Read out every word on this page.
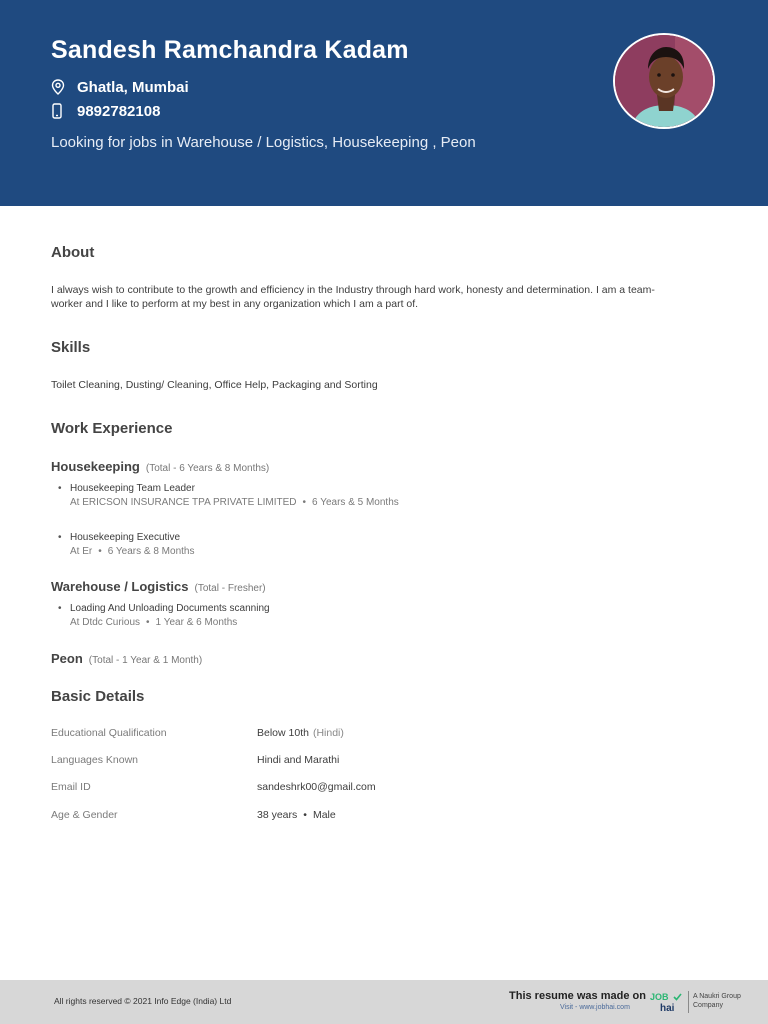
Sandesh Ramchandra Kadam
Ghatla, Mumbai
9892782108
Looking for jobs in Warehouse / Logistics, Housekeeping , Peon
About
I always wish to contribute to the growth and efficiency in the Industry through hard work, honesty and determination. I am a team-
worker and I like to perform at my best in any organization which I am a part of.
Skills
Toilet Cleaning, Dusting/ Cleaning, Office Help, Packaging and Sorting
Work Experience
Housekeeping (Total - 6 Years & 8 Months)
• Housekeeping Team Leader
At ERICSON INSURANCE TPA PRIVATE LIMITED • 6 Years & 5 Months
• Housekeeping Executive
At Er • 6 Years & 8 Months
Warehouse / Logistics (Total - Fresher)
• Loading And Unloading Documents scanning
At Dtdc Curious • 1 Year & 6 Months
Peon (Total - 1 Year & 1 Month)
Basic Details
Educational Qualification	Below 10th (Hindi)
Languages Known	Hindi and Marathi
Email ID	sandeshrk00@gmail.com
Age & Gender	38 years • Male
All rights reserved © 2021 Info Edge (India) Ltd	This resume was made on
Visit - www.jobhai.com
JOB
hai
A Naukri Group
Company
